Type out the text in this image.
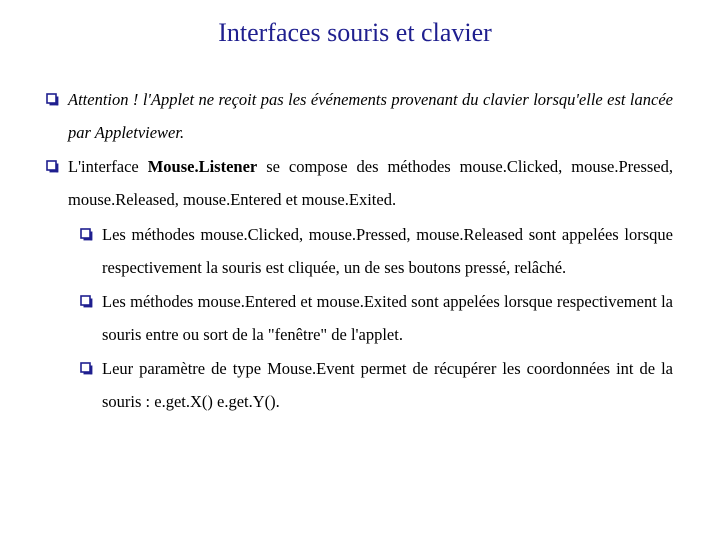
Interfaces souris et clavier
Attention ! l'Applet ne reçoit pas les événements provenant du clavier lorsqu'elle est lancée par Appletviewer.
L'interface Mouse.Listener se compose des méthodes mouse.Clicked, mouse.Pressed, mouse.Released, mouse.Entered et mouse.Exited.
Les méthodes mouse.Clicked, mouse.Pressed, mouse.Released sont appelées lorsque respectivement la souris est cliquée, un de ses boutons pressé, relâché.
Les méthodes mouse.Entered et mouse.Exited sont appelées lorsque respectivement la souris entre ou sort de la "fenêtre" de l'applet.
Leur paramètre de type Mouse.Event permet de récupérer les coordonnées int de la souris : e.get.X() e.get.Y().
